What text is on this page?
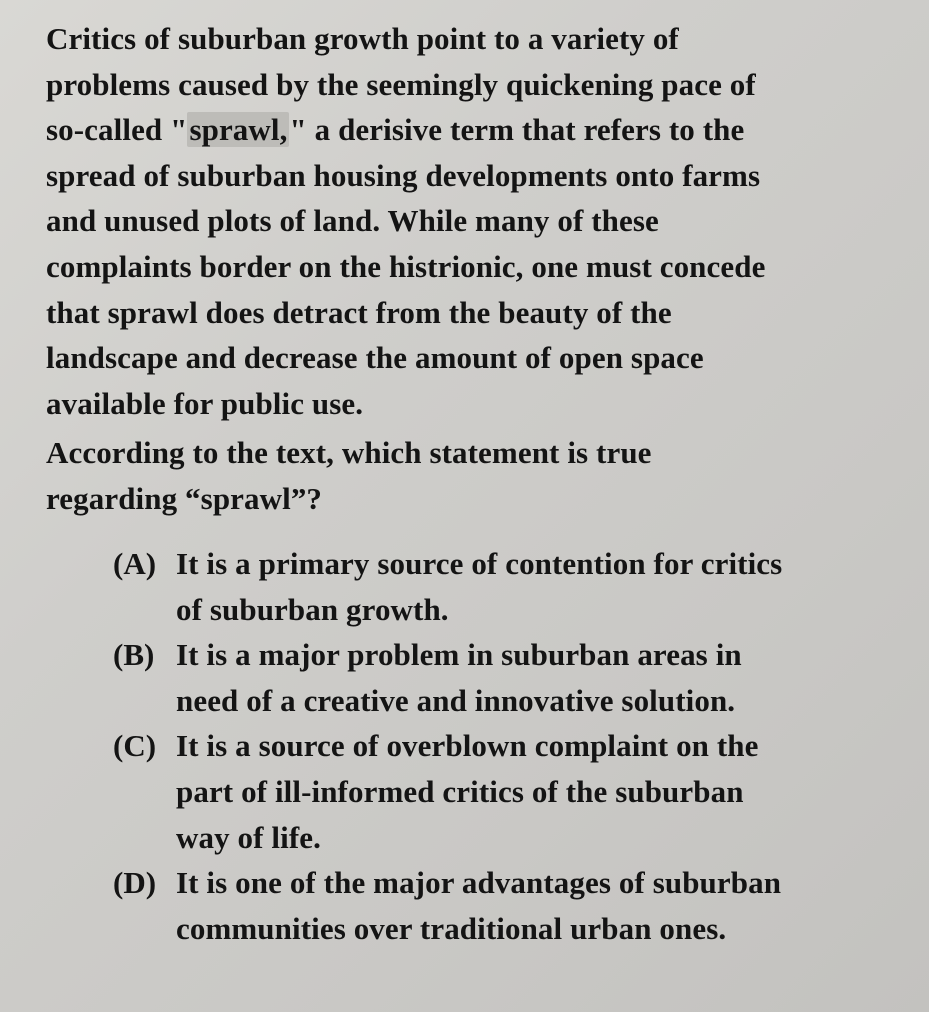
Critics of suburban growth point to a variety of
problems caused by the seemingly quickening pace of
so-called "sprawl," a derisive term that refers to the
spread of suburban housing developments onto farms
and unused plots of land. While many of these
complaints border on the histrionic, one must concede
that sprawl does detract from the beauty of the
landscape and decrease the amount of open space
available for public use.
According to the text, which statement is true
regarding “sprawl”?
(A) It is a primary source of contention for critics
of suburban growth.
(B) It is a major problem in suburban areas in
need of a creative and innovative solution.
(C) It is a source of overblown complaint on the
part of ill-informed critics of the suburban
way of life.
(D) It is one of the major advantages of suburban
communities over traditional urban ones.
